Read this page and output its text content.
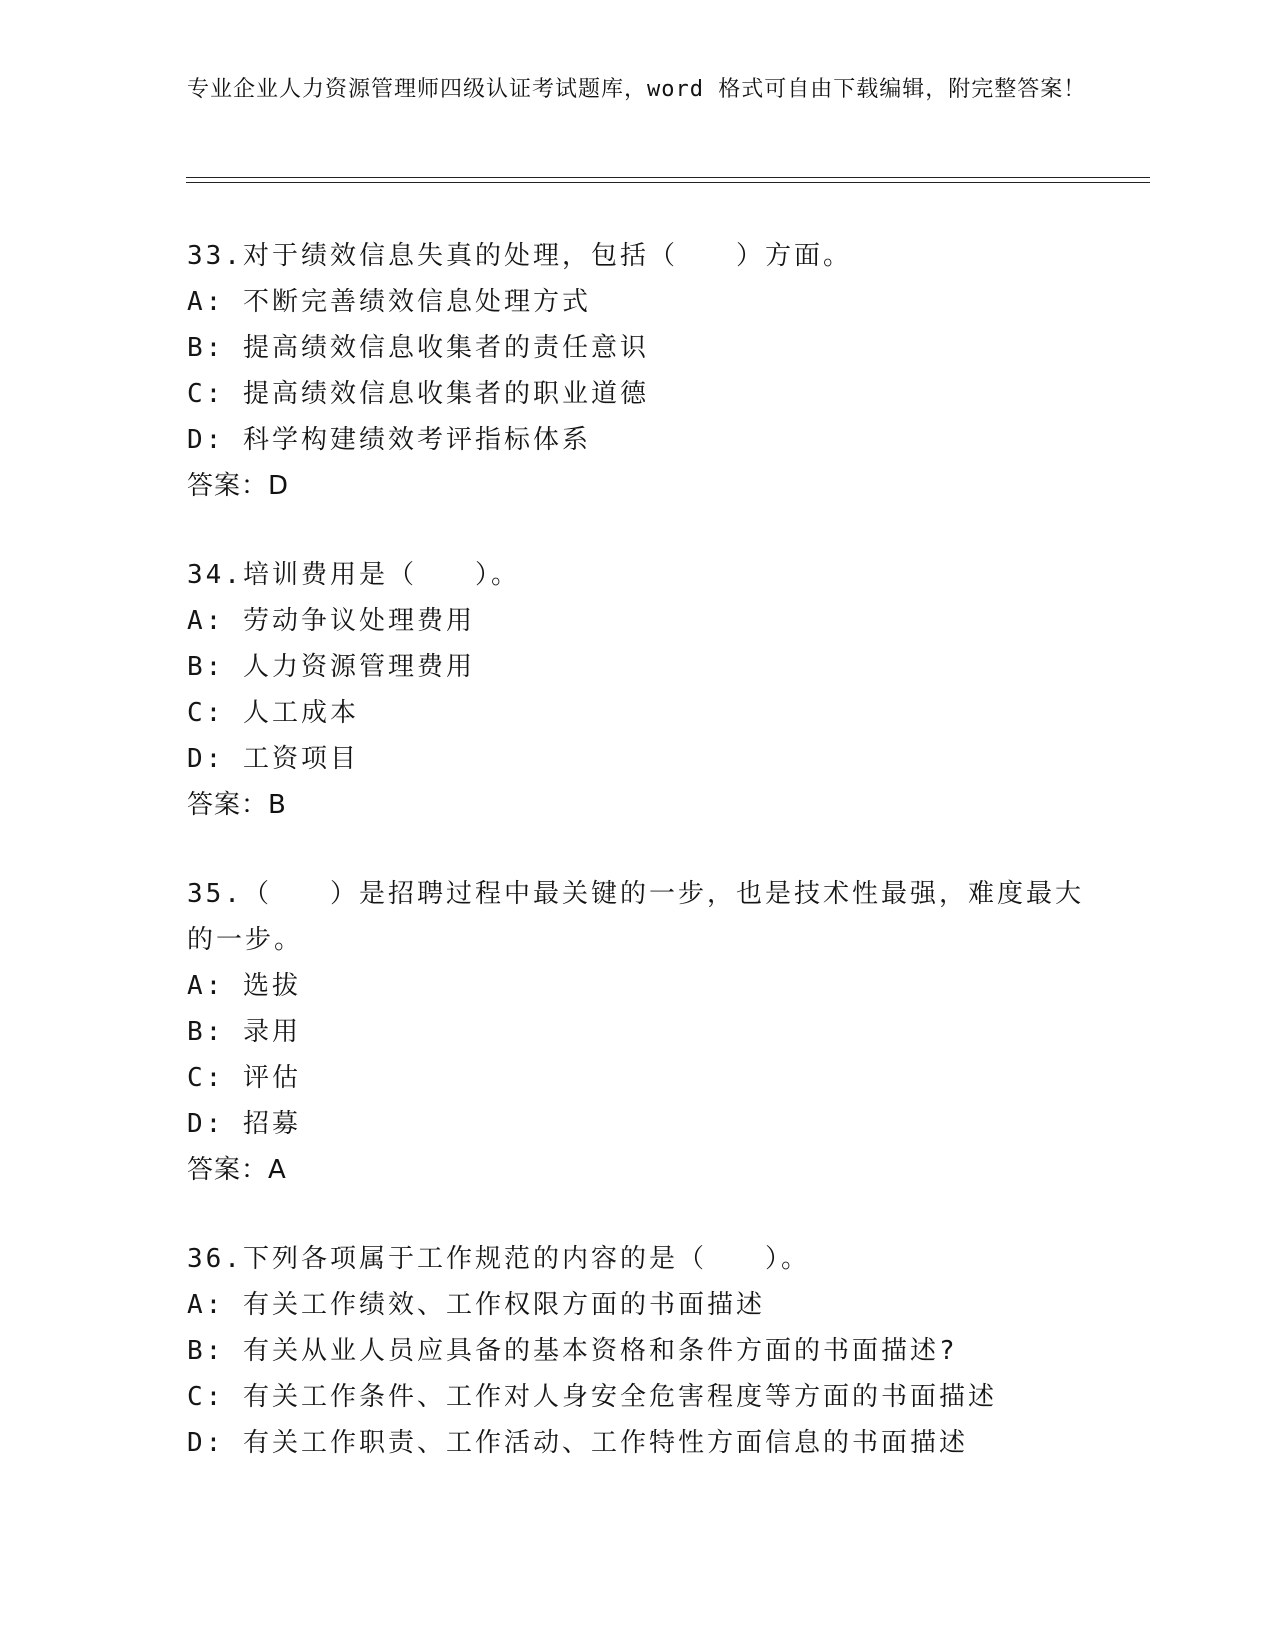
专业企业人力资源管理师四级认证考试题库，word 格式可自由下载编辑，附完整答案！
33.对于绩效信息失真的处理，包括（　　）方面。
A: 不断完善绩效信息处理方式
B: 提高绩效信息收集者的责任意识
C: 提高绩效信息收集者的职业道德
D: 科学构建绩效考评指标体系
答案：D
34.培训费用是（　　）。
A: 劳动争议处理费用
B: 人力资源管理费用
C: 人工成本
D: 工资项目
答案：B
35.（　　）是招聘过程中最关键的一步，也是技术性最强，难度最大的一步。
A: 选拔
B: 录用
C: 评估
D: 招募
答案：A
36.下列各项属于工作规范的内容的是（　　）。
A: 有关工作绩效、工作权限方面的书面描述
B: 有关从业人员应具备的基本资格和条件方面的书面描述?
C: 有关工作条件、工作对人身安全危害程度等方面的书面描述
D: 有关工作职责、工作活动、工作特性方面信息的书面描述
